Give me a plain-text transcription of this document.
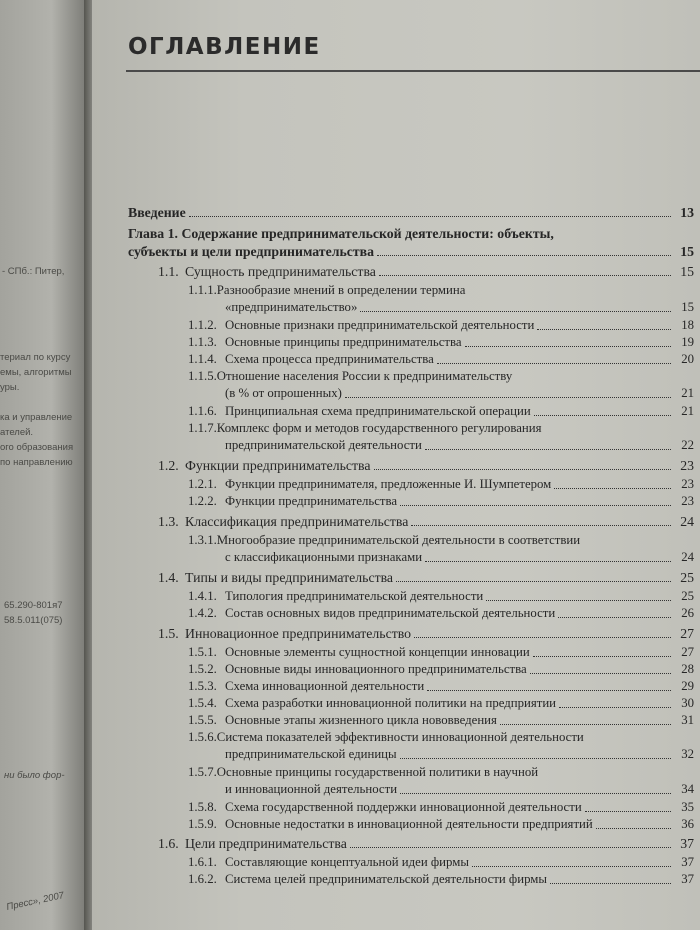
- СПб.: Питер,
териал по курсу
емы, алгоритмы
уры.
ка и управление
ателей.
ого образования
по направлению
65.290-801я7
58.5.011(075)
ни было фор-
Пресс», 2007
ОГЛАВЛЕНИЕ
Введение	13
Глава 1. Содержание предпринимательской деятельности: объекты,
субъекты и цели предпринимательства	15
1.1. Сущность предпринимательства	15
1.1.1.Разнообразие мнений в определении термина
«предпринимательство»	15
1.1.2. Основные признаки предпринимательской деятельности	18
1.1.3. Основные принципы предпринимательства	19
1.1.4. Схема процесса предпринимательства	20
1.1.5.Отношение населения России к предпринимательству
(в % от опрошенных)	21
1.1.6. Принципиальная схема предпринимательской операции	21
1.1.7.Комплекс форм и методов государственного регулирования
предпринимательской деятельности	22
1.2. Функции предпринимательства	23
1.2.1. Функции предпринимателя, предложенные И. Шумпетером	23
1.2.2. Функции предпринимательства	23
1.3. Классификация предпринимательства	24
1.3.1.Многообразие предпринимательской деятельности в соответствии
с классификационными признаками	24
1.4. Типы и виды предпринимательства	25
1.4.1. Типология предпринимательской деятельности	25
1.4.2. Состав основных видов предпринимательской деятельности	26
1.5. Инновационное предпринимательство	27
1.5.1. Основные элементы сущностной концепции инновации	27
1.5.2. Основные виды инновационного предпринимательства	28
1.5.3. Схема инновационной деятельности	29
1.5.4. Схема разработки инновационной политики на предприятии	30
1.5.5. Основные этапы жизненного цикла нововведения	31
1.5.6.Система показателей эффективности инновационной деятельности
предпринимательской единицы	32
1.5.7.Основные принципы государственной политики в научной
и инновационной деятельности	34
1.5.8. Схема государственной поддержки инновационной деятельности	35
1.5.9. Основные недостатки в инновационной деятельности предприятий	36
1.6. Цели предпринимательства	37
1.6.1. Составляющие концептуальной идеи фирмы	37
1.6.2. Система целей предпринимательской деятельности фирмы	37
